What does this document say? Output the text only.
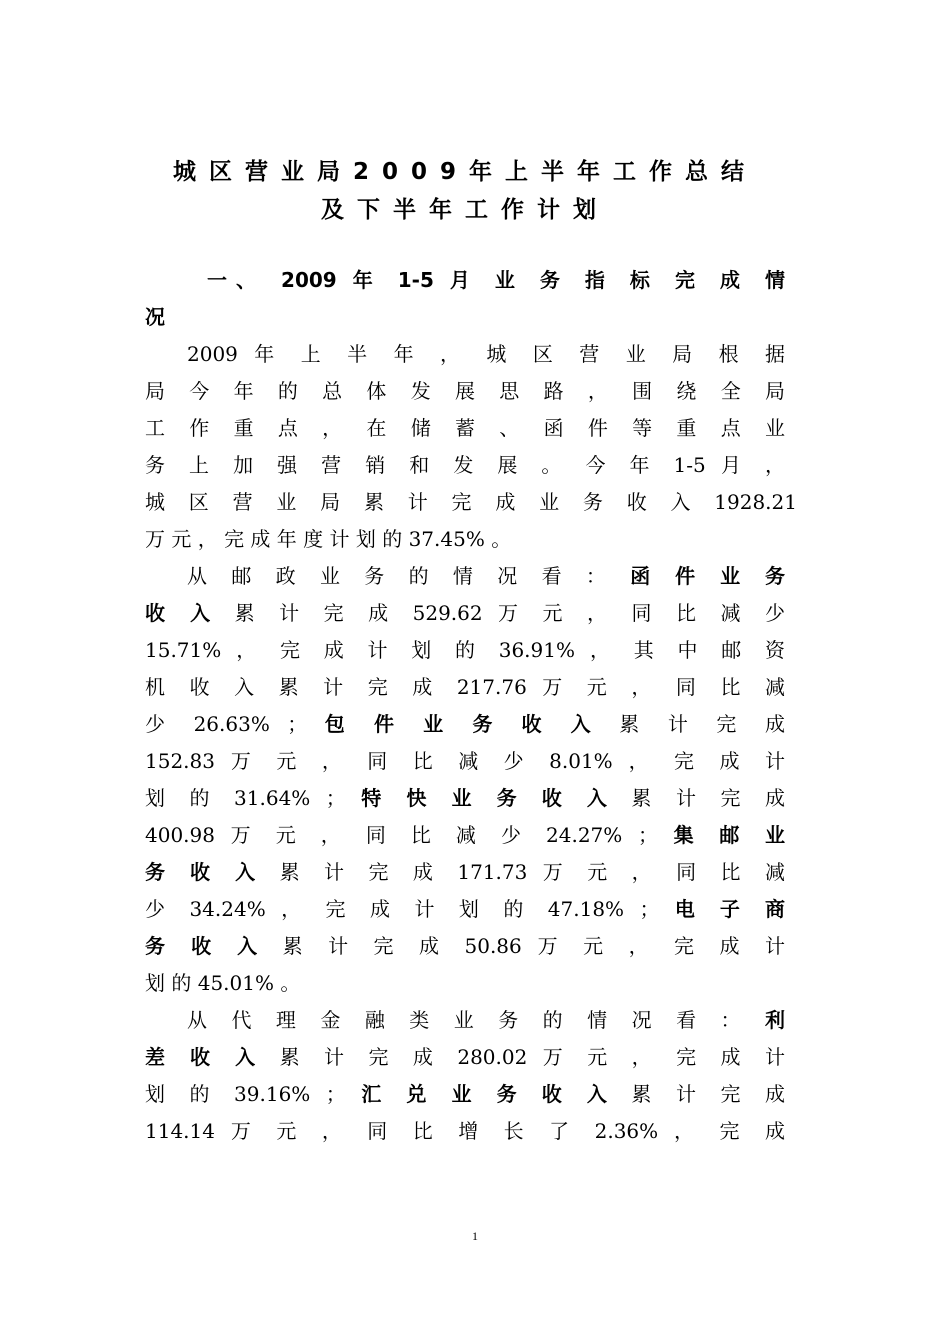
城区营业局2009年上半年工作总结
及下半年工作计划
一、 2009 年 1-5 月 业 务 指 标 完 成 情
况
2009 年 上 半 年 ， 城 区 营 业 局 根 据
局 今 年 的 总 体 发 展 思 路 ， 围 绕 全 局
工 作 重 点 ， 在 储 蓄 、 函 件 等 重 点 业
务 上 加 强 营 销 和 发 展 。 今 年 1-5 月 ，
城 区 营 业 局 累 计 完 成 业 务 收 入 1928.21
万 元 ， 完 成 年 度 计 划 的 37.45% 。
从 邮 政 业 务 的 情 况 看 ： 函 件 业 务
收 入 累 计 完 成 529.62 万 元 ， 同 比 减 少
15.71% ， 完 成 计 划 的 36.91% ， 其 中 邮 资
机 收 入 累 计 完 成 217.76 万 元 ， 同 比 减
少 26.63% ； 包 件 业 务 收 入 累 计 完 成
152.83 万 元 ， 同 比 减 少 8.01% ， 完 成 计
划 的 31.64% ； 特 快 业 务 收 入 累 计 完 成
400.98 万 元 ， 同 比 减 少 24.27% ； 集 邮 业
务 收 入 累 计 完 成 171.73 万 元 ， 同 比 减
少 34.24% ， 完 成 计 划 的 47.18% ； 电 子 商
务 收 入 累 计 完 成 50.86 万 元 ， 完 成 计
划 的 45.01% 。
从 代 理 金 融 类 业 务 的 情 况 看 ： 利
差 收 入 累 计 完 成 280.02 万 元 ， 完 成 计
划 的 39.16% ； 汇 兑 业 务 收 入 累 计 完 成
114.14 万 元 ， 同 比 增 长 了 2.36% ， 完 成
1
